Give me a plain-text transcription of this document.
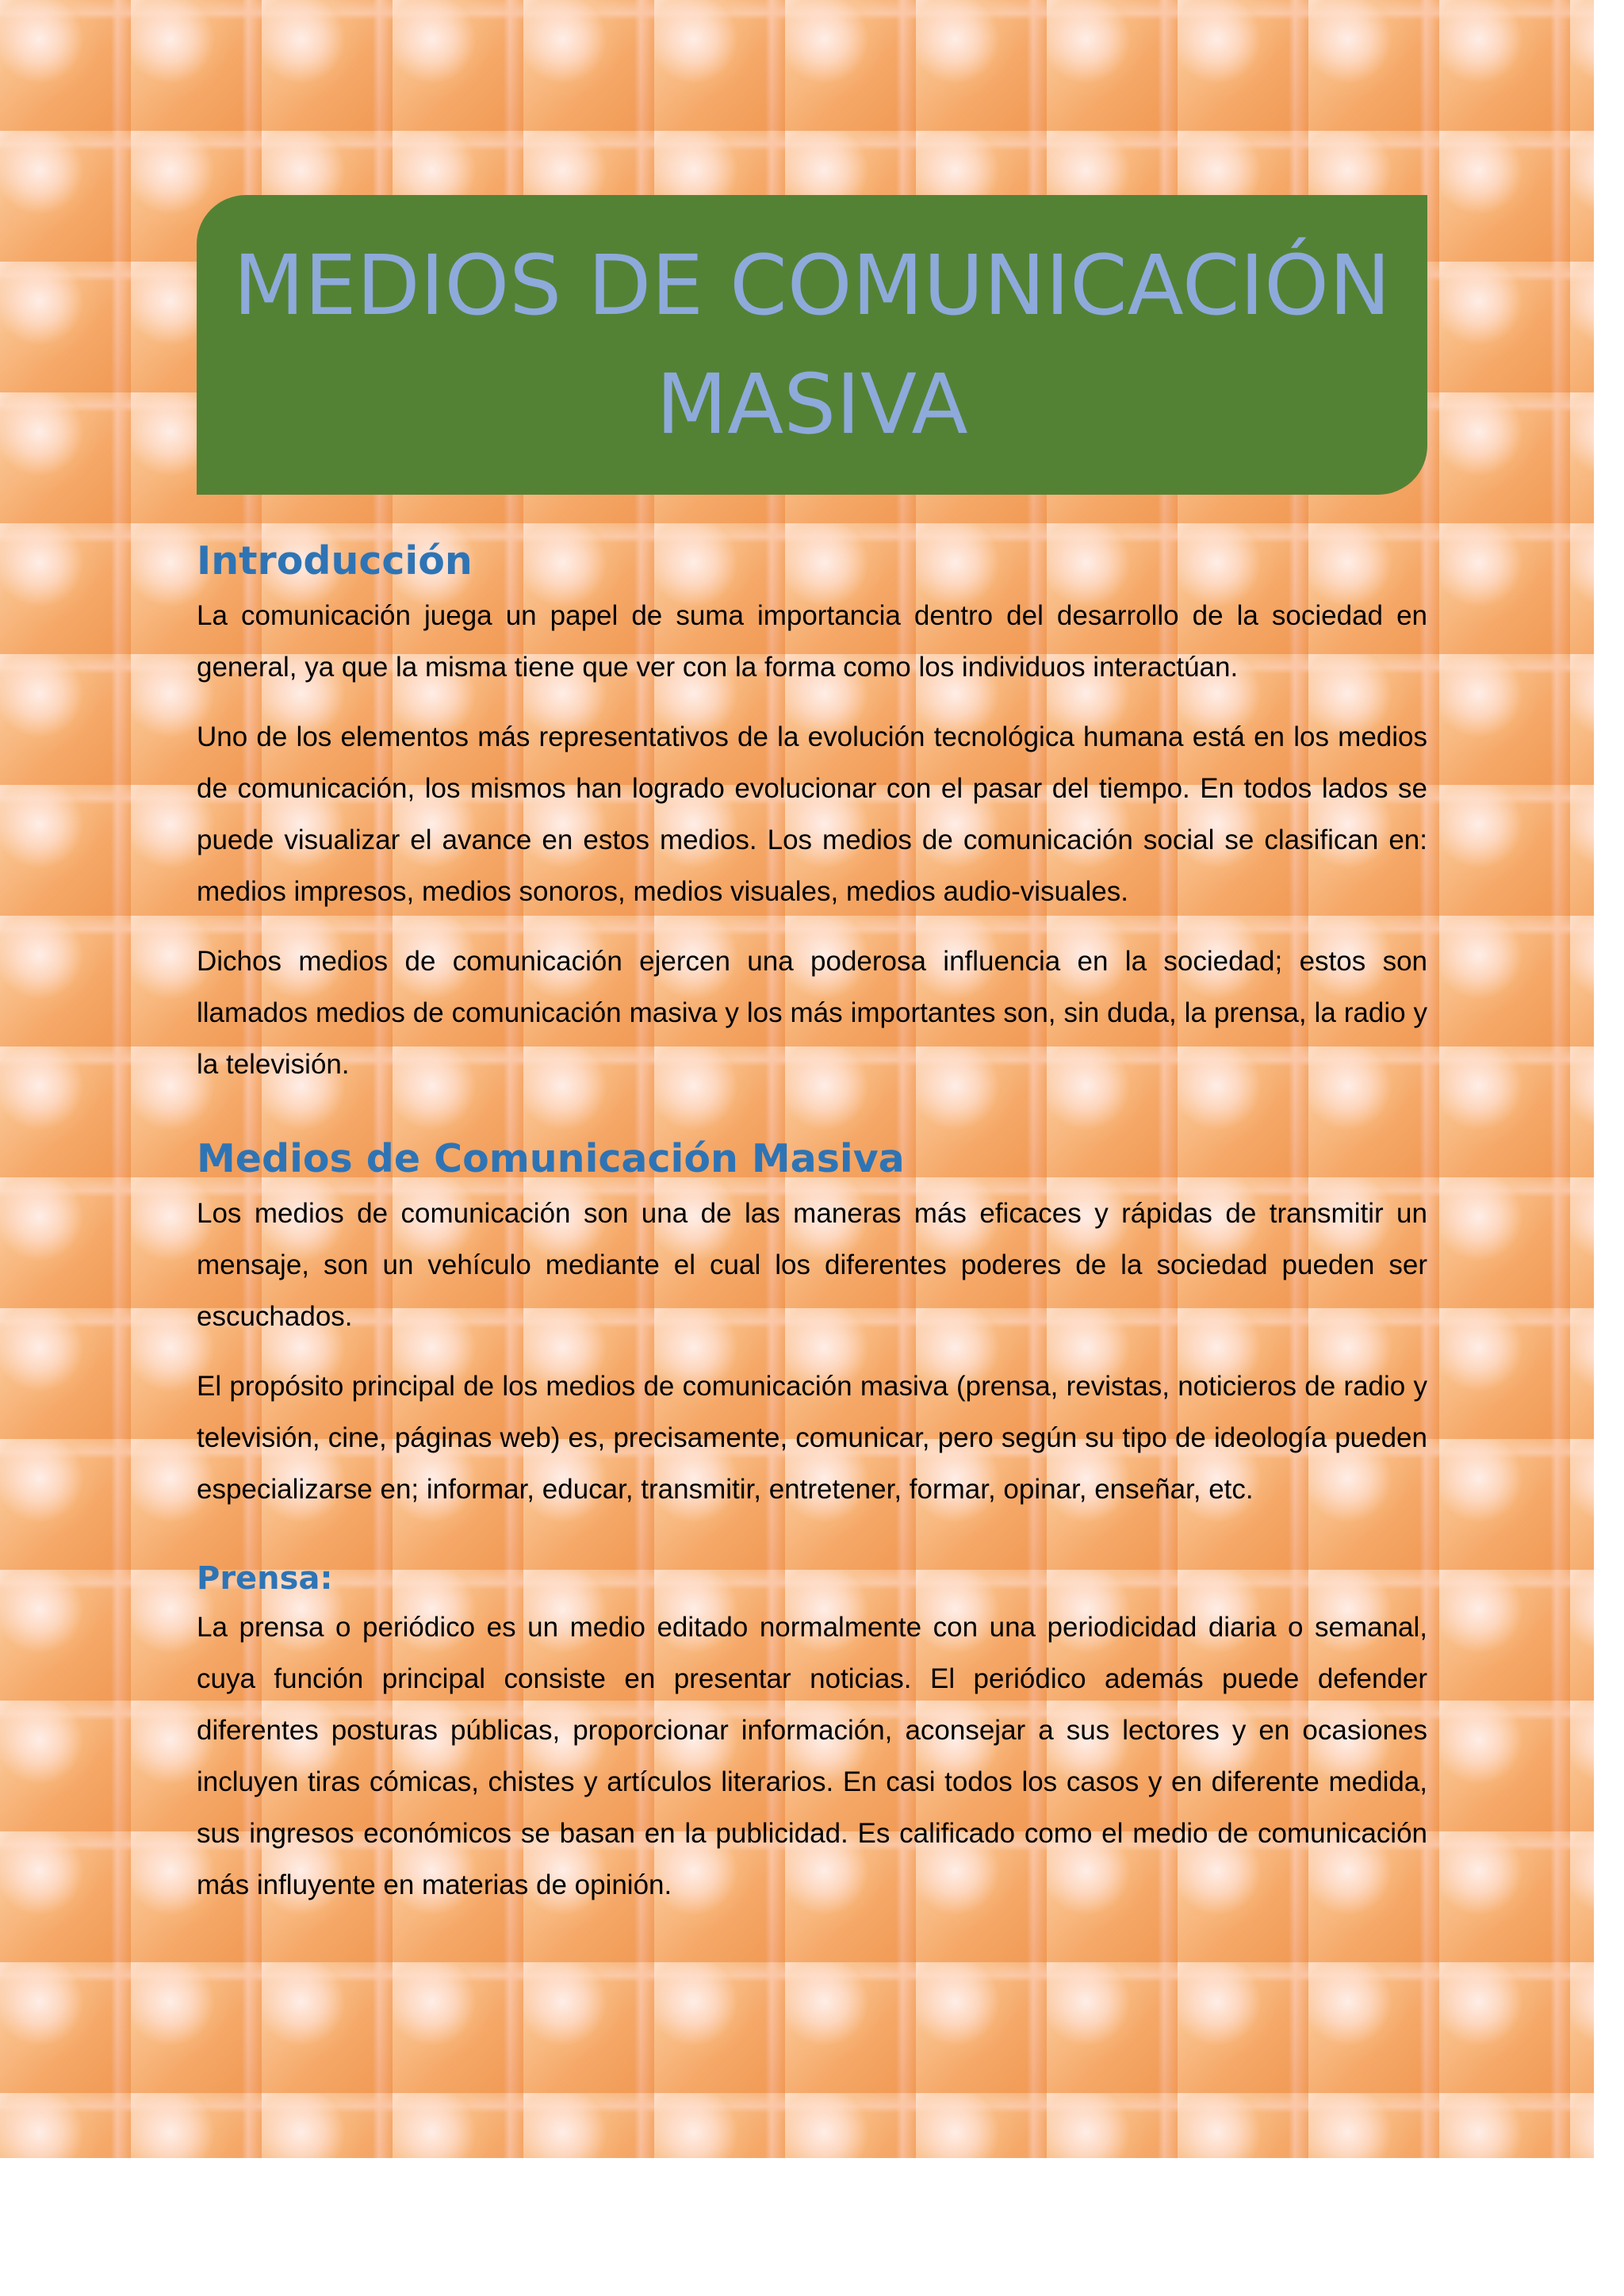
MEDIOS DE COMUNICACIÓN
MASIVA
Introducción

La comunicación juega un papel de suma importancia dentro del desarrollo de la sociedad en general, ya que la misma tiene que ver con la forma como los individuos interactúan.

Uno de los elementos más representativos de la evolución tecnológica humana está en los medios de comunicación, los mismos han logrado evolucionar con el pasar del tiempo. En todos lados se puede visualizar el avance en estos medios. Los medios de comunicación social se clasifican en: medios impresos, medios sonoros, medios visuales, medios audio-visuales.

Dichos medios de comunicación ejercen una poderosa influencia en la sociedad; estos son llamados medios de comunicación masiva y los más importantes son, sin duda, la prensa, la radio y la televisión.

Medios de Comunicación Masiva

Los medios de comunicación son una de las maneras más eficaces y rápidas de transmitir un mensaje, son un vehículo mediante el cual los diferentes poderes de la sociedad pueden ser escuchados.

El propósito principal de los medios de comunicación masiva (prensa, revistas, noticieros de radio y televisión, cine, páginas web) es, precisamente, comunicar, pero según su tipo de ideología pueden especializarse en; informar, educar, transmitir, entretener, formar, opinar, enseñar, etc.

Prensa:

La prensa o periódico es un medio editado normalmente con una periodicidad diaria o semanal, cuya función principal consiste en presentar noticias. El periódico además puede defender diferentes posturas públicas, proporcionar información, aconsejar a sus lectores y en ocasiones incluyen tiras cómicas, chistes y artículos literarios. En casi todos los casos y en diferente medida, sus ingresos económicos se basan en la publicidad. Es calificado como el medio de comunicación más influyente en materias de opinión.
